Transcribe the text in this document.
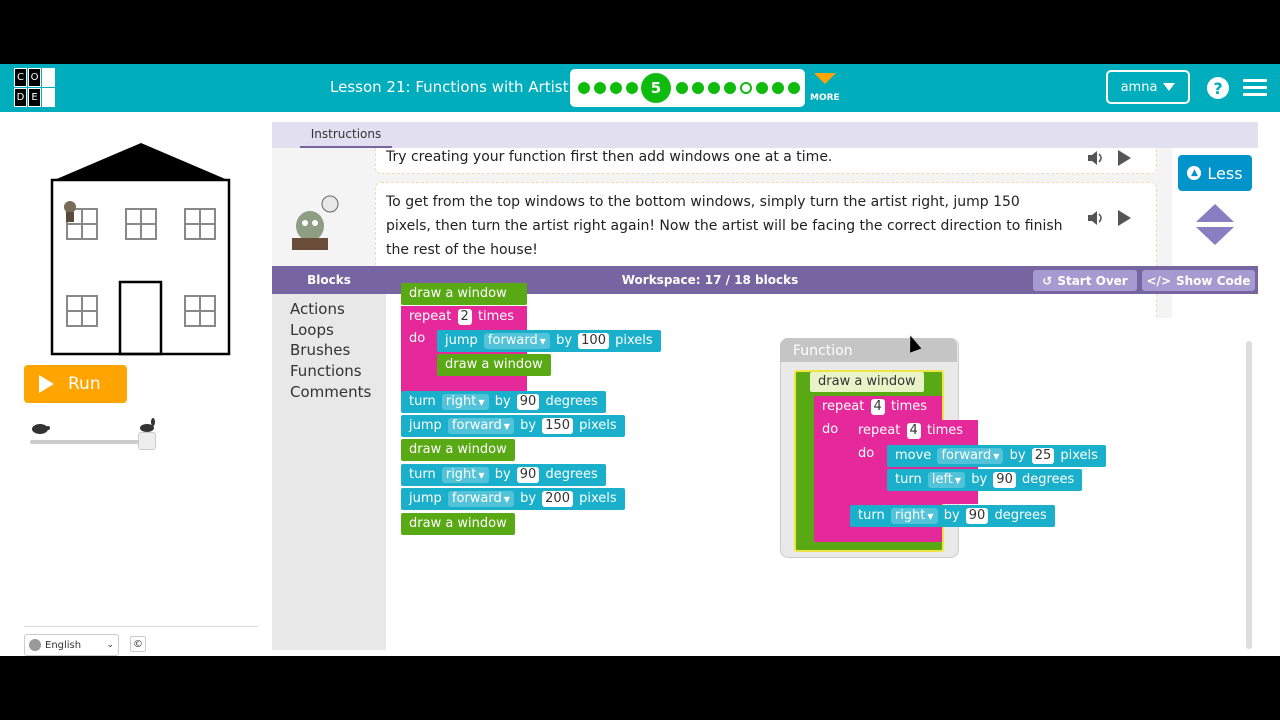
C O
D E
Lesson 21: Functions with Artist	5
MORE
amna	?
Run
English	⌄	©
Instructions
Try creating your function first then add windows one at a time.
To get from the top windows to the bottom windows, simply turn the artist right, jump 150 pixels, then turn the artist right again! Now the artist will be facing the correct direction to finish the rest of the house!
▲ Less
Blocks	Workspace: 17 / 18 blocks	↺ Start Over </> Show Code
Actions
Loops
Brushes
Functions
Comments
draw a window
repeat 2 times
do	jump forward ▼ by 100 pixels
draw a window
turn right ▼ by 90 degrees
jump forward ▼ by 150 pixels
draw a window
turn right ▼ by 90 degrees
jump forward ▼ by 200 pixels
draw a window
Function
draw a window
repeat 4 times
do	repeat 4 times
do	move forward ▼ by 25 pixels
turn left ▼ by 90 degrees
turn right ▼ by 90 degrees
